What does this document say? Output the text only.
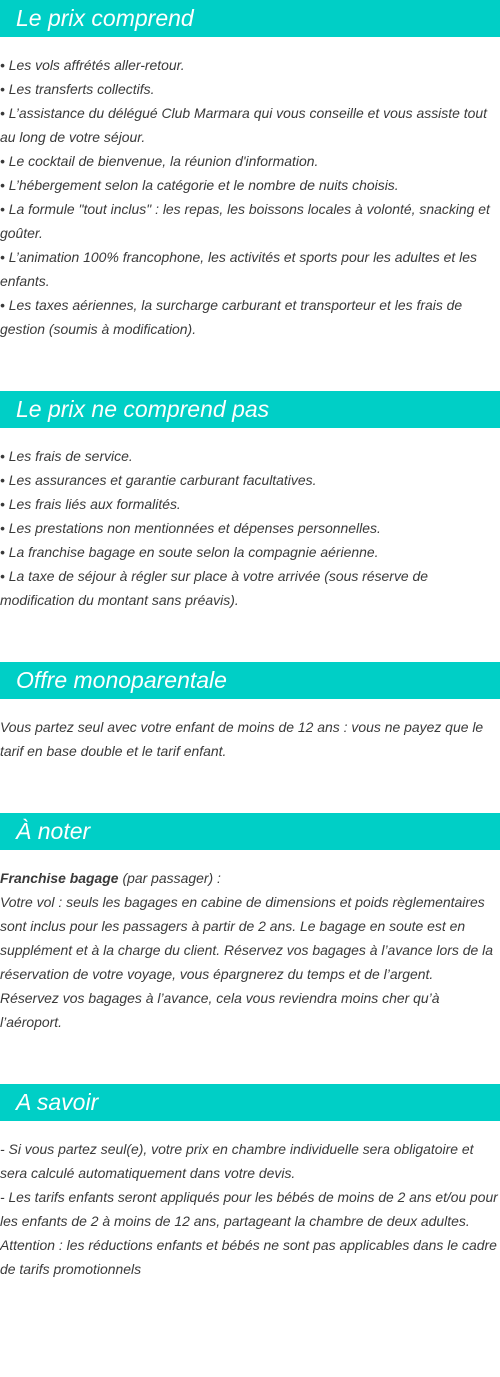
Le prix comprend
• Les vols affrétés aller-retour.
• Les transferts collectifs.
• L’assistance du délégué Club Marmara qui vous conseille et vous assiste tout
au long de votre séjour.
• Le cocktail de bienvenue, la réunion d'information.
• L’hébergement selon la catégorie et le nombre de nuits choisis.
• La formule "tout inclus" : les repas, les boissons locales à volonté, snacking et
goûter.
• L’animation 100% francophone, les activités et sports pour les adultes et les
enfants.
• Les taxes aériennes, la surcharge carburant et transporteur et les frais de
gestion (soumis à modification).
Le prix ne comprend pas
• Les frais de service.
• Les assurances et garantie carburant facultatives.
• Les frais liés aux formalités.
• Les prestations non mentionnées et dépenses personnelles.
• La franchise bagage en soute selon la compagnie aérienne.
• La taxe de séjour à régler sur place à votre arrivée (sous réserve de
modification du montant sans préavis).
Offre monoparentale
Vous partez seul avec votre enfant de moins de 12 ans : vous ne payez que le
tarif en base double et le tarif enfant.
À noter
Franchise bagage (par passager) :
Votre vol : seuls les bagages en cabine de dimensions et poids règlementaires
sont inclus pour les passagers à partir de 2 ans. Le bagage en soute est en
supplément et à la charge du client. Réservez vos bagages à l’avance lors de la
réservation de votre voyage, vous épargnerez du temps et de l’argent.
Réservez vos bagages à l’avance, cela vous reviendra moins cher qu’à
l’aéroport.
A savoir
- Si vous partez seul(e), votre prix en chambre individuelle sera obligatoire et
sera calculé automatiquement dans votre devis.
- Les tarifs enfants seront appliqués pour les bébés de moins de 2 ans et/ou pour
les enfants de 2 à moins de 12 ans, partageant la chambre de deux adultes.
Attention : les réductions enfants et bébés ne sont pas applicables dans le cadre
de tarifs promotionnels
